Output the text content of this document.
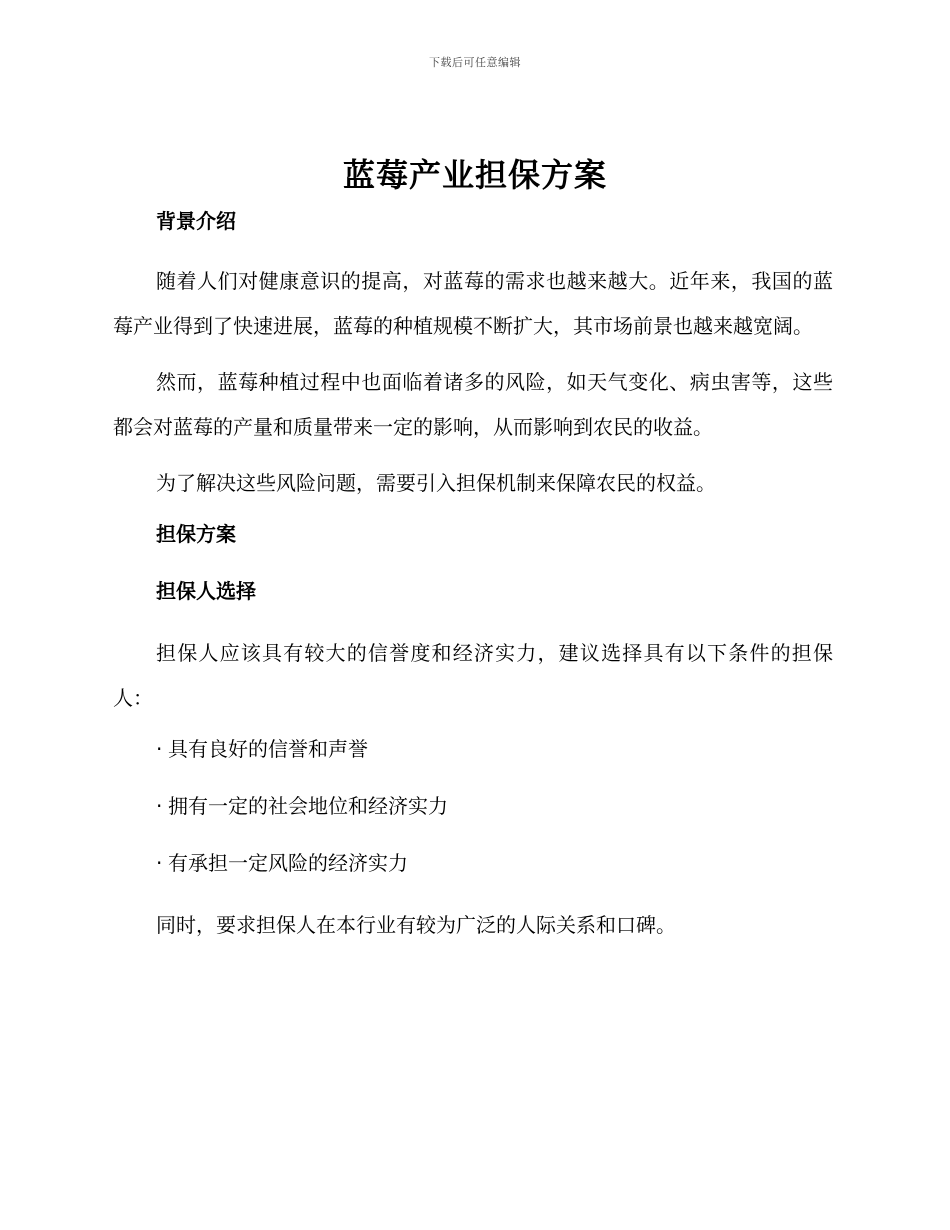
下载后可任意编辑
蓝莓产业担保方案
背景介绍
随着人们对健康意识的提高，对蓝莓的需求也越来越大。近年来，我国的蓝莓产业得到了快速进展，蓝莓的种植规模不断扩大，其市场前景也越来越宽阔。
然而，蓝莓种植过程中也面临着诸多的风险，如天气变化、病虫害等，这些都会对蓝莓的产量和质量带来一定的影响，从而影响到农民的收益。
为了解决这些风险问题，需要引入担保机制来保障农民的权益。
担保方案
担保人选择
担保人应该具有较大的信誉度和经济实力，建议选择具有以下条件的担保人：
· 具有良好的信誉和声誉
· 拥有一定的社会地位和经济实力
· 有承担一定风险的经济实力
同时，要求担保人在本行业有较为广泛的人际关系和口碑。
